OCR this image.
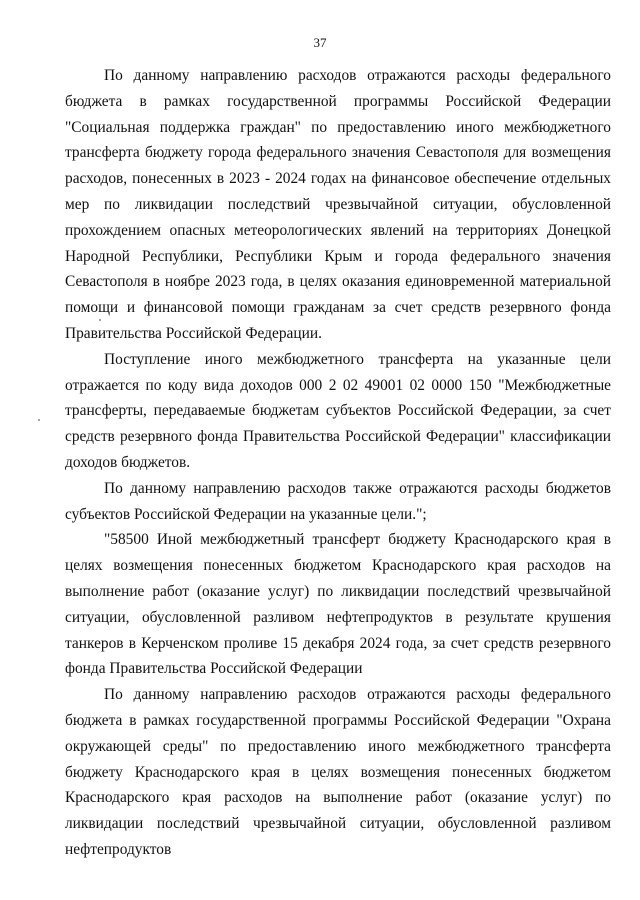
37

По данному направлению расходов отражаются расходы федерального бюджета в рамках государственной программы Российской Федерации "Социальная поддержка граждан" по предоставлению иного межбюджетного трансферта бюджету города федерального значения Севастополя для возмещения расходов, понесенных в 2023 - 2024 годах на финансовое обеспечение отдельных мер по ликвидации последствий чрезвычайной ситуации, обусловленной прохождением опасных метеорологических явлений на территориях Донецкой Народной Республики, Республики Крым и города федерального значения Севастополя в ноябре 2023 года, в целях оказания единовременной материальной помощи и финансовой помощи гражданам за счет средств резервного фонда Правительства Российской Федерации.

Поступление иного межбюджетного трансферта на указанные цели отражается по коду вида доходов 000 2 02 49001 02 0000 150 "Межбюджетные трансферты, передаваемые бюджетам субъектов Российской Федерации, за счет средств резервного фонда Правительства Российской Федерации" классификации доходов бюджетов.

По данному направлению расходов также отражаются расходы бюджетов субъектов Российской Федерации на указанные цели.";

"58500 Иной межбюджетный трансферт бюджету Краснодарского края в целях возмещения понесенных бюджетом Краснодарского края расходов на выполнение работ (оказание услуг) по ликвидации последствий чрезвычайной ситуации, обусловленной разливом нефтепродуктов в результате крушения танкеров в Керченском проливе 15 декабря 2024 года, за счет средств резервного фонда Правительства Российской Федерации

По данному направлению расходов отражаются расходы федерального бюджета в рамках государственной программы Российской Федерации "Охрана окружающей среды" по предоставлению иного межбюджетного трансферта бюджету Краснодарского края в целях возмещения понесенных бюджетом Краснодарского края расходов на выполнение работ (оказание услуг) по ликвидации последствий чрезвычайной ситуации, обусловленной разливом нефтепродуктов
